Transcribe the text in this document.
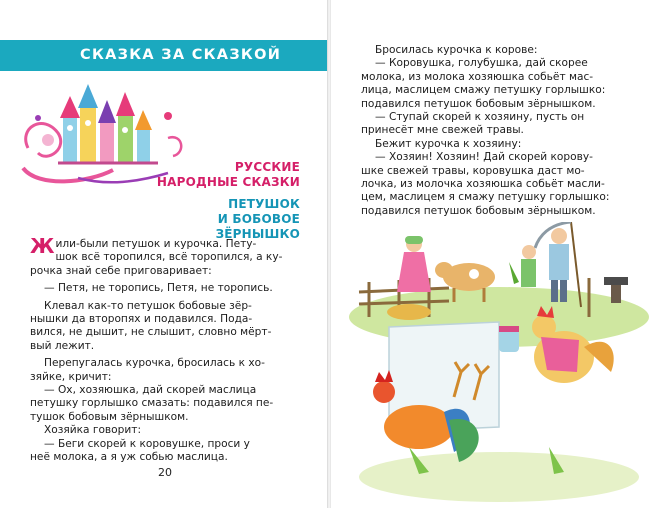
СКАЗКА ЗА СКАЗКОЙ
РУССКИЕ
НАРОДНЫЕ СКАЗКИ
ПЕТУШОК
И БОБОВОЕ ЗЁРНЫШКО
Жили-были петушок и курочка. Пету-
шок всё торопился, всё торопился, а ку-
рочка знай себе приговаривает:
— Петя, не торопись, Петя, не торопись.
Клевал как-то петушок бобовые зёр-
нышки да второпях и подавился. Пода-
вился, не дышит, не слышит, словно мёрт-
вый лежит.
Перепугалась курочка, бросилась к хо-
зяйке, кричит:
— Ох, хозяюшка, дай скорей маслица
петушку горлышко смазать: подавился пе-
тушок бобовым зёрнышком.
Хозяйка говорит:
— Беги скорей к коровушке, проси у
неё молока, а я уж собью маслица.
20
Бросилась курочка к корове:
— Коровушка, голубушка, дай скорее
молока, из молока хозяюшка собьёт мас-
лица, маслицем смажу петушку горлышко:
подавился петушок бобовым зёрнышком.
— Ступай скорей к хозяину, пусть он
принесёт мне свежей травы.
Бежит курочка к хозяину:
— Хозяин! Хозяин! Дай скорей корову-
шке свежей травы, коровушка даст мо-
лочка, из молочка хозяюшка собьёт масли-
цем, маслицем я смажу петушку горлышко:
подавился петушок бобовым зёрнышком.
